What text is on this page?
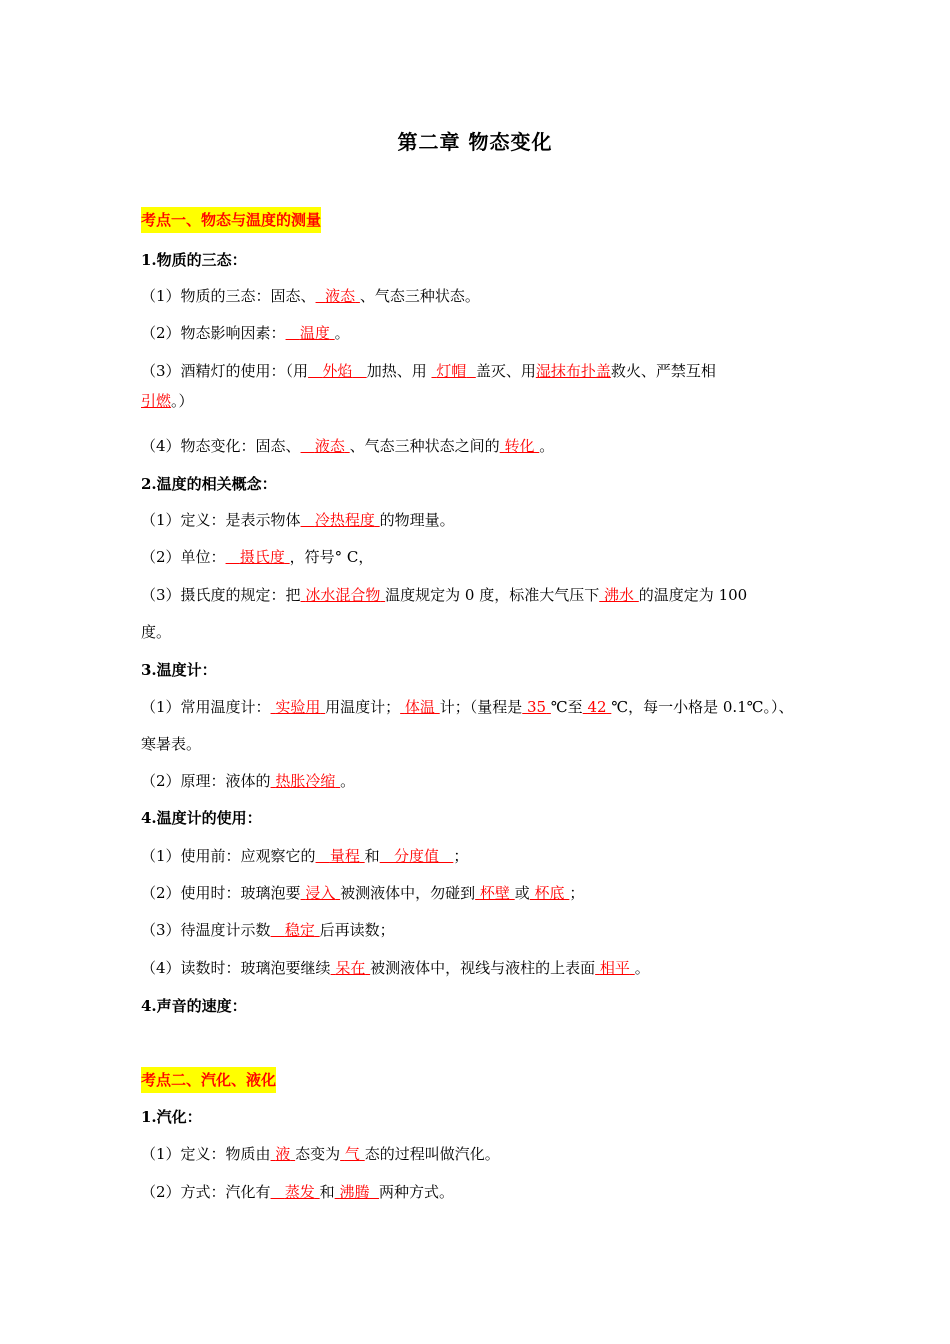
第二章 物态变化
考点一、物态与温度的测量
1.物质的三态：
（1）物质的三态：固态、 液态 、气态三种状态。
（2）物态影响因素： 温度 。
（3）酒精灯的使用：（用 外焰 加热、用  灯帽 盖灭、用湿抹布扑盖救火、严禁互相
引燃。）
（4）物态变化：固态、 液态 、气态三种状态之间的 转化 。
2.温度的相关概念：
（1）定义：是表示物体 冷热程度 的物理量。
（2）单位： 摄氏度 ，符号° C，
（3）摄氏度的规定：把 冰水混合物 温度规定为 0 度，标准大气压下 沸水 的温度定为 100
度。
3.温度计：
（1）常用温度计： 实验用 用温度计； 体温 计；（量程是 35 ℃至 42 ℃，每一小格是 0.1℃。）、
寒暑表。
（2）原理：液体的 热胀冷缩 。
4.温度计的使用：
（1）使用前：应观察它的 量程 和 分度值 ；
（2）使用时：玻璃泡要 浸入 被测液体中，勿碰到 杯壁 或 杯底 ；
（3）待温度计示数 稳定 后再读数；
（4）读数时：玻璃泡要继续 呆在 被测液体中，视线与液柱的上表面 相平 。
4.声音的速度：
考点二、汽化、液化
1.汽化：
（1）定义：物质由 液 态变为 气 态的过程叫做汽化。
（2）方式：汽化有 蒸发 和 沸腾 两种方式。
